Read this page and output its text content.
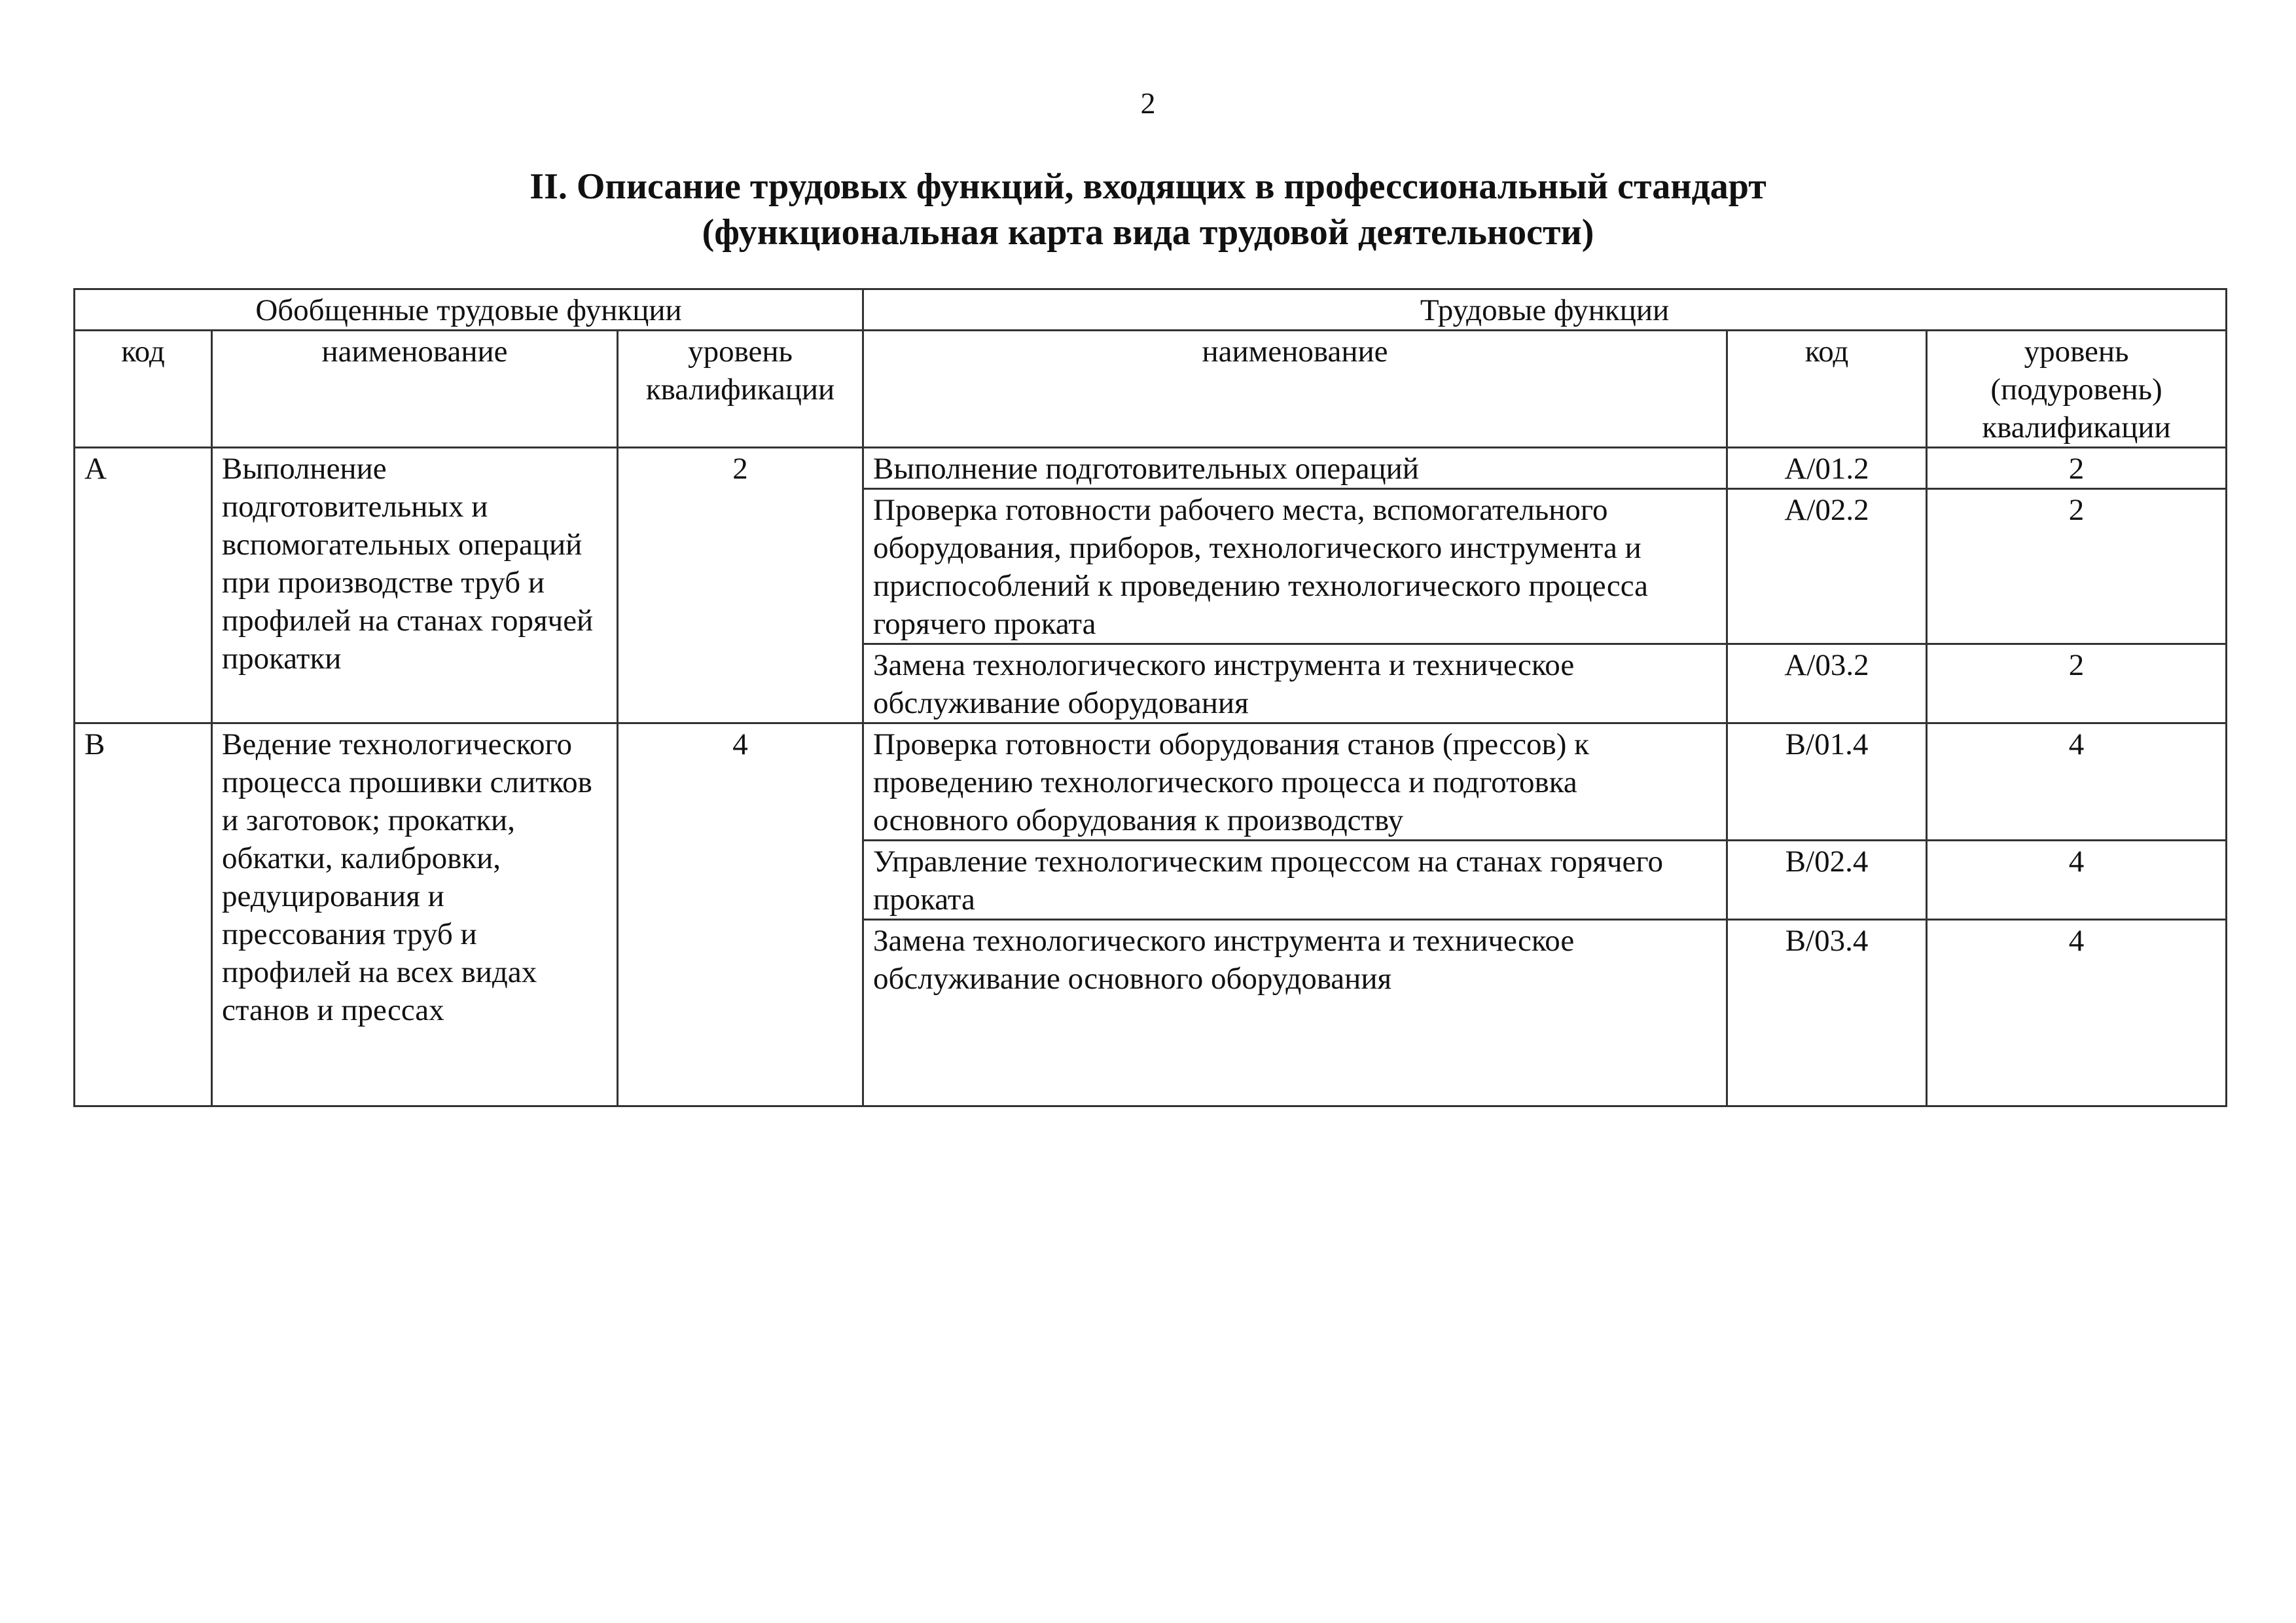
2
II. Описание трудовых функций, входящих в профессиональный стандарт
(функциональная карта вида трудовой деятельности)
Обобщенные трудовые функции			Трудовые функции		
код	наименование	уровень квалификации	наименование	код	уровень (подуровень) квалификации
А	Выполнение подготовительных и вспомогательных операций при производстве труб и профилей на станах горячей прокатки	2	Выполнение подготовительных операций	А/01.2	2
			Проверка готовности рабочего места, вспомогательного оборудования, приборов, технологического инструмента и приспособлений к проведению технологического процесса горячего проката	А/02.2	2
			Замена технологического инструмента и техническое обслуживание оборудования	А/03.2	2
В	Ведение технологического процесса прошивки слитков и заготовок; прокатки, обкатки, калибровки, редуцирования и прессования труб и профилей на всех видах станов и прессах	4	Проверка готовности оборудования станов (прессов) к проведению технологического процесса и подготовка основного оборудования к производству	В/01.4	4
			Управление технологическим процессом на станах горячего проката	В/02.4	4
			Замена технологического инструмента и техническое обслуживание основного оборудования	В/03.4	4
